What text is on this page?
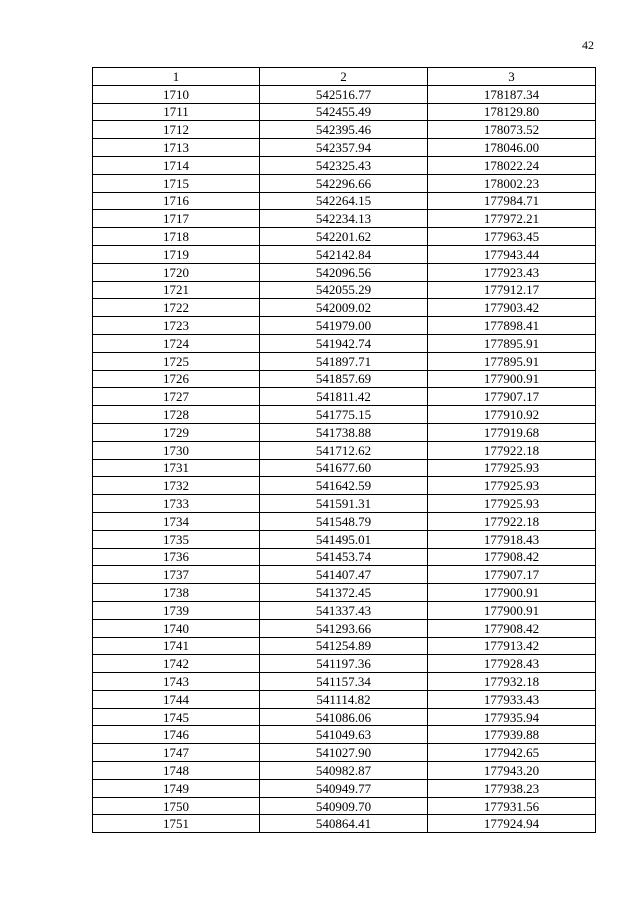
42
1	2	3
1710	542516.77	178187.34
1711	542455.49	178129.80
1712	542395.46	178073.52
1713	542357.94	178046.00
1714	542325.43	178022.24
1715	542296.66	178002.23
1716	542264.15	177984.71
1717	542234.13	177972.21
1718	542201.62	177963.45
1719	542142.84	177943.44
1720	542096.56	177923.43
1721	542055.29	177912.17
1722	542009.02	177903.42
1723	541979.00	177898.41
1724	541942.74	177895.91
1725	541897.71	177895.91
1726	541857.69	177900.91
1727	541811.42	177907.17
1728	541775.15	177910.92
1729	541738.88	177919.68
1730	541712.62	177922.18
1731	541677.60	177925.93
1732	541642.59	177925.93
1733	541591.31	177925.93
1734	541548.79	177922.18
1735	541495.01	177918.43
1736	541453.74	177908.42
1737	541407.47	177907.17
1738	541372.45	177900.91
1739	541337.43	177900.91
1740	541293.66	177908.42
1741	541254.89	177913.42
1742	541197.36	177928.43
1743	541157.34	177932.18
1744	541114.82	177933.43
1745	541086.06	177935.94
1746	541049.63	177939.88
1747	541027.90	177942.65
1748	540982.87	177943.20
1749	540949.77	177938.23
1750	540909.70	177931.56
1751	540864.41	177924.94
